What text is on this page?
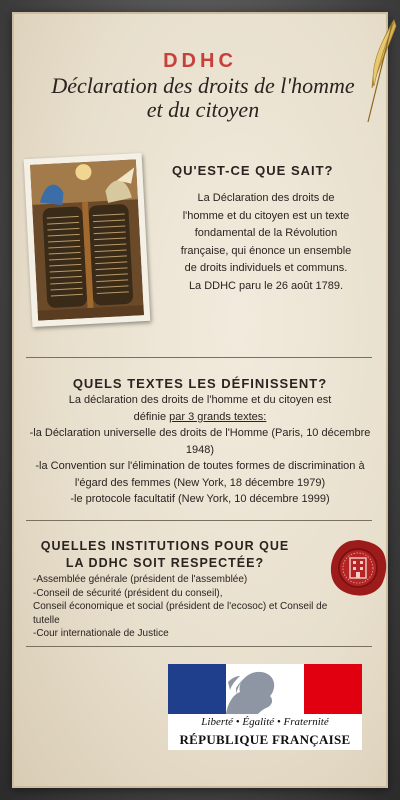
DDHC
Déclaration des droits de l'homme et du citoyen
QU'EST-CE QUE SAIT?
La Déclaration des droits de l'homme et du citoyen est un texte fondamental de la Révolution française, qui énonce un ensemble de droits individuels et communs. La DDHC paru le 26 août 1789.
QUELS TEXTES LES DÉFINISSENT?
La déclaration des droits de l'homme et du citoyen est
définie par 3 grands textes:
-la Déclaration universelle des droits de l'Homme (Paris, 10 décembre 1948)
-la Convention sur l'élimination de toutes formes de discrimination à l'égard des femmes (New York, 18 décembre 1979)
-le protocole facultatif (New York, 10 décembre 1999)
QUELLES INSTITUTIONS POUR QUE LA DDHC SOIT RESPECTÉE?
-Assemblée générale (président de l'assemblée)
-Conseil de sécurité (président du conseil),
Conseil économique et social (président de l'ecosoc) et Conseil de tutelle
-Cour internationale de Justice
Liberté • Égalité • Fraternité
RÉPUBLIQUE FRANÇAISE
